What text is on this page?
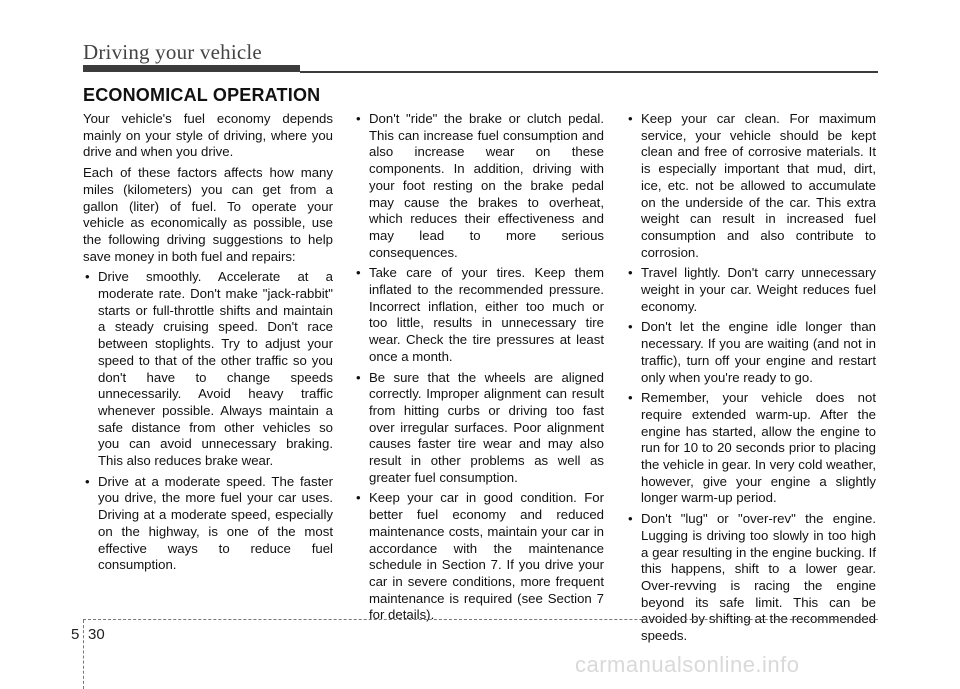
Driving your vehicle
ECONOMICAL OPERATION

Your vehicle's fuel economy depends mainly on your style of driving, where you drive and when you drive.

Each of these factors affects how many miles (kilometers) you can get from a gallon (liter) of fuel. To operate your vehicle as economically as possible, use the following driving suggestions to help save money in both fuel and repairs:

• Drive smoothly. Accelerate at a moderate rate. Don't make "jack-rabbit" starts or full-throttle shifts and maintain a steady cruising speed. Don't race between stoplights. Try to adjust your speed to that of the other traffic so you don't have to change speeds unnecessarily. Avoid heavy traffic whenever possible. Always maintain a safe distance from other vehicles so you can avoid unnecessary braking. This also reduces brake wear.
• Drive at a moderate speed. The faster you drive, the more fuel your car uses. Driving at a moderate speed, especially on the highway, is one of the most effective ways to reduce fuel consumption.
• Don't "ride" the brake or clutch pedal. This can increase fuel consumption and also increase wear on these components. In addition, driving with your foot resting on the brake pedal may cause the brakes to overheat, which reduces their effectiveness and may lead to more serious consequences.
• Take care of your tires. Keep them inflated to the recommended pressure. Incorrect inflation, either too much or too little, results in unnecessary tire wear. Check the tire pressures at least once a month.
• Be sure that the wheels are aligned correctly. Improper alignment can result from hitting curbs or driving too fast over irregular surfaces. Poor alignment causes faster tire wear and may also result in other problems as well as greater fuel consumption.
• Keep your car in good condition. For better fuel economy and reduced maintenance costs, maintain your car in accordance with the maintenance schedule in Section 7. If you drive your car in severe conditions, more frequent maintenance is required (see Section 7 for details).
• Keep your car clean. For maximum service, your vehicle should be kept clean and free of corrosive materials. It is especially important that mud, dirt, ice, etc. not be allowed to accumulate on the underside of the car. This extra weight can result in increased fuel consumption and also contribute to corrosion.
• Travel lightly. Don't carry unnecessary weight in your car. Weight reduces fuel economy.
• Don't let the engine idle longer than necessary. If you are waiting (and not in traffic), turn off your engine and restart only when you're ready to go.
• Remember, your vehicle does not require extended warm-up. After the engine has started, allow the engine to run for 10 to 20 seconds prior to placing the vehicle in gear. In very cold weather, however, give your engine a slightly longer warm-up period.
• Don't "lug" or "over-rev" the engine. Lugging is driving too slowly in too high a gear resulting in the engine bucking. If this happens, shift to a lower gear. Over-revving is racing the engine beyond its safe limit. This can be avoided by shifting at the recommended speeds.
5 30
carmanualsonline.info
